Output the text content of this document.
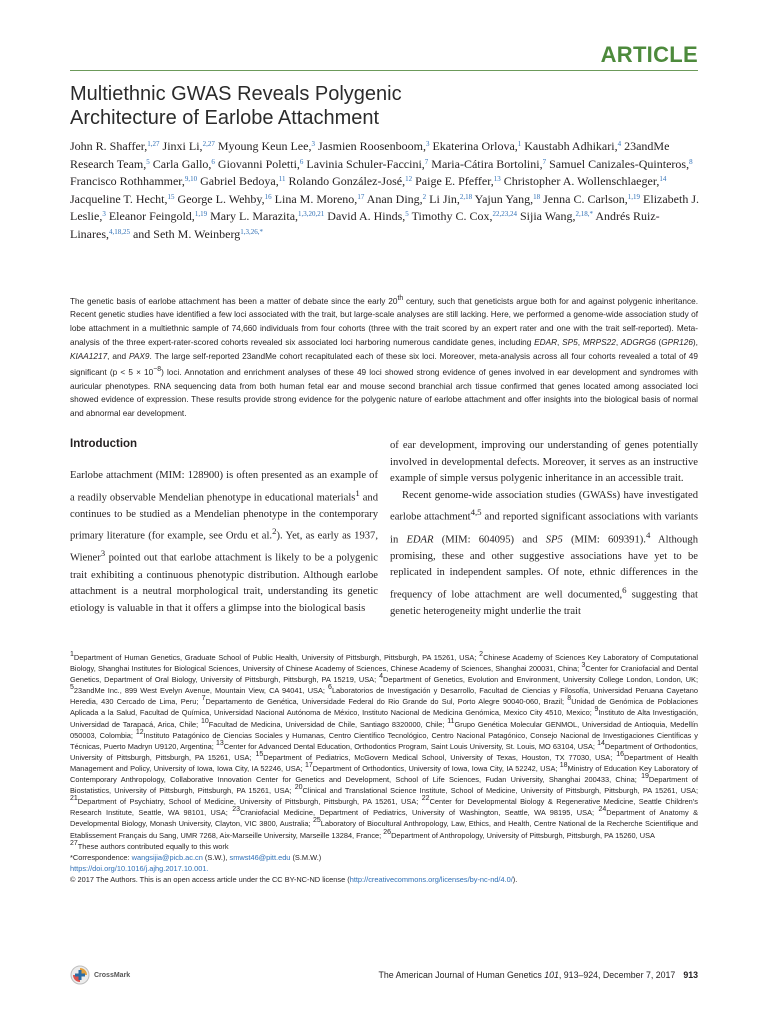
ARTICLE
Multiethnic GWAS Reveals Polygenic
Architecture of Earlobe Attachment
John R. Shaffer,$^{1,27}$ Jinxi Li,$^{2,27}$ Myoung Keun Lee,$^3$ Jasmien Roosenboom,$^3$ Ekaterina Orlova,$^1$ Kaustabh Adhikari,$^4$ 23andMe Research Team,$^5$ Carla Gallo,$^6$ Giovanni Poletti,$^6$ Lavinia Schuler-Faccini,$^7$ Maria-Cátira Bortolini,$^7$ Samuel Canizales-Quinteros,$^8$ Francisco Rothhammer,$^{9,10}$ Gabriel Bedoya,$^{11}$ Rolando González-José,$^{12}$ Paige E. Pfeffer,$^{13}$ Christopher A. Wollenschlaeger,$^{14}$ Jacqueline T. Hecht,$^{15}$ George L. Wehby,$^{16}$ Lina M. Moreno,$^{17}$ Anan Ding,$^2$ Li Jin,$^{2,18}$ Yajun Yang,$^{18}$ Jenna C. Carlson,$^{1,19}$ Elizabeth J. Leslie,$^3$ Eleanor Feingold,$^{1,19}$ Mary L. Marazita,$^{1,3,20,21}$ David A. Hinds,$^5$ Timothy C. Cox,$^{22,23,24}$ Sijia Wang,$^{2,18,*}$ Andrés Ruiz-Linares,$^{4,18,25}$ and Seth M. Weinberg$^{1,3,26,*}$
The genetic basis of earlobe attachment has been a matter of debate since the early 20th century, such that geneticists argue both for and against polygenic inheritance. Recent genetic studies have identified a few loci associated with the trait, but large-scale analyses are still lacking. Here, we performed a genome-wide association study of lobe attachment in a multiethnic sample of 74,660 individuals from four cohorts (three with the trait scored by an expert rater and one with the trait self-reported). Meta-analysis of the three expert-rater-scored cohorts revealed six associated loci harboring numerous candidate genes, including EDAR, SP5, MRPS22, ADGRG6 (GPR126), KIAA1217, and PAX9. The large self-reported 23andMe cohort recapitulated each of these six loci. Moreover, meta-analysis across all four cohorts revealed a total of 49 significant $(p < 5 \times 10^{-8})$ loci. Annotation and enrichment analyses of these 49 loci showed strong evidence of genes involved in ear development and syndromes with auricular phenotypes. RNA sequencing data from both human fetal ear and mouse second branchial arch tissue confirmed that genes located among associated loci showed evidence of expression. These results provide strong evidence for the polygenic nature of earlobe attachment and offer insights into the biological basis of normal and abnormal ear development.
Introduction

Earlobe attachment (MIM: 128900) is often presented as an example of a readily observable Mendelian phenotype in educational materials$^1$ and continues to be studied as a Mendelian phenotype in the contemporary primary literature (for example, see Ordu et al.$^2$). Yet, as early as 1937, Wiener$^3$ pointed out that earlobe attachment is likely to be a polygenic trait exhibiting a continuous phenotypic distribution. Although earlobe attachment is a neutral morphological trait, understanding its genetic etiology is valuable in that it offers a glimpse into the biological basis

of ear development, improving our understanding of genes potentially involved in developmental defects. Moreover, it serves as an instructive example of simple versus polygenic inheritance in an accessible trait.

Recent genome-wide association studies (GWASs) have investigated earlobe attachment$^{4,5}$ and reported significant associations with variants in EDAR (MIM: 604095) and SP5 (MIM: 609391).$^4$ Although promising, these and other suggestive associations have yet to be replicated in independent samples. Of note, ethnic differences in the frequency of lobe attachment are well documented,$^6$ suggesting that genetic heterogeneity might underlie the trait

$^1$Department of Human Genetics, Graduate School of Public Health, University of Pittsburgh, Pittsburgh, PA 15261, USA; $^2$Chinese Academy of Sciences Key Laboratory of Computational Biology, Shanghai Institutes for Biological Sciences, University of Chinese Academy of Sciences, Chinese Academy of Sciences, Shanghai 200031, China; $^3$Center for Craniofacial and Dental Genetics, Department of Oral Biology, University of Pittsburgh, Pittsburgh, PA 15219, USA; $^4$Department of Genetics, Evolution and Environment, University College London, London, UK; $^5$23andMe Inc., 899 West Evelyn Avenue, Mountain View, CA 94041, USA; $^6$Laboratorios de Investigación y Desarrollo, Facultad de Ciencias y Filosofía, Universidad Peruana Cayetano Heredia, 430 Cercado de Lima, Peru; $^7$Departamento de Genética, Universidade Federal do Rio Grande do Sul, Porto Alegre 90040-060, Brazil; $^8$Unidad de Genómica de Poblaciones Aplicada a la Salud, Facultad de Química, Universidad Nacional Autónoma de México, Instituto Nacional de Medicina Genómica, Mexico City 4510, Mexico; $^9$Instituto de Alta Investigación, Universidad de Tarapacá, Arica, Chile; $^{10}$Facultad de Medicina, Universidad de Chile, Santiago 8320000, Chile; $^{11}$Grupo Genética Molecular GENMOL, Universidad de Antioquia, Medellín 050003, Colombia; $^{12}$Instituto Patagónico de Ciencias Sociales y Humanas, Centro Científico Tecnológico, Centro Nacional Patagónico, Consejo Nacional de Investigaciones Científicas y Técnicas, Puerto Madryn U9120, Argentina; $^{13}$Center for Advanced Dental Education, Orthodontics Program, Saint Louis University, St. Louis, MO 63104, USA; $^{14}$Department of Orthodontics, University of Pittsburgh, Pittsburgh, PA 15261, USA; $^{15}$Department of Pediatrics, McGovern Medical School, University of Texas, Houston, TX 77030, USA; $^{16}$Department of Health Management and Policy, University of Iowa, Iowa City, IA 52246, USA; $^{17}$Department of Orthodontics, University of Iowa, Iowa City, IA 52242, USA; $^{18}$Ministry of Education Key Laboratory of Contemporary Anthropology, Collaborative Innovation Center for Genetics and Development, School of Life Sciences, Fudan University, Shanghai 200433, China; $^{19}$Department of Biostatistics, University of Pittsburgh, Pittsburgh, PA 15261, USA; $^{20}$Clinical and Translational Science Institute, School of Medicine, University of Pittsburgh, Pittsburgh, PA 15261, USA; $^{21}$Department of Psychiatry, School of Medicine, University of Pittsburgh, Pittsburgh, PA 15261, USA; $^{22}$Center for Developmental Biology & Regenerative Medicine, Seattle Children’s Research Institute, Seattle, WA 98101, USA; $^{23}$Craniofacial Medicine, Department of Pediatrics, University of Washington, Seattle, WA 98195, USA; $^{24}$Department of Anatomy & Developmental Biology, Monash University, Clayton, VIC 3800, Australia; $^{25}$Laboratory of Biocultural Anthropology, Law, Ethics, and Health, Centre National de la Recherche Scientifique and Etablissement Français du Sang, UMR 7268, Aix-Marseille University, Marseille 13284, France; $^{26}$Department of Anthropology, University of Pittsburgh, Pittsburgh, PA 15260, USA

$^{27}$These authors contributed equally to this work

*Correspondence: wangsijia@picb.ac.cn (S.W.), smwst46@pitt.edu (S.M.W.)

https://doi.org/10.1016/j.ajhg.2017.10.001.

© 2017 The Authors. This is an open access article under the CC BY-NC-ND license (http://creativecommons.org/licenses/by-nc-nd/4.0/).

CrossMark	The American Journal of Human Genetics 101, 913–924, December 7, 2017 913
